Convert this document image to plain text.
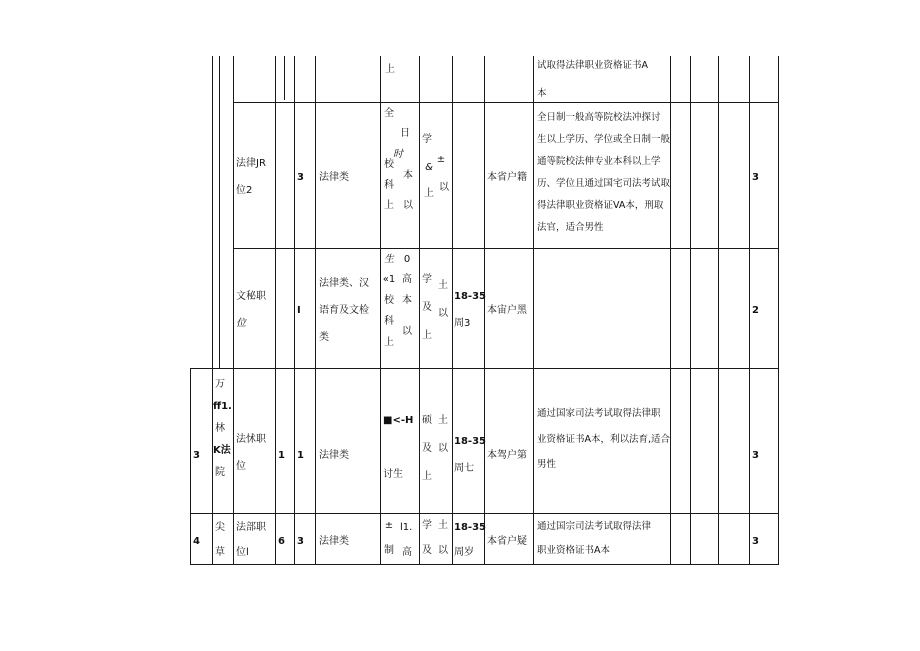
上	试取得法律职业资格证书A
本
法律JR
位2
3 法律类
全
日
时
校
科
上
本
以
学
&
上
±
以
本省户籍
全日制一般高等院校法冲探讨
生以上学历、学位或全日制一般
通等院校法伸专业本科以上学
历、学位且通过国宅司法考试取
得法律职业资格证VA本，刑取
法官，适合男性
3
文秘职
位
I
法律类、汉
语育及文检
类
生
«1
校
科
上
0
高
本
以
学
及
上
土
以
18-35
周3
本宙户黑	2
3
万
ff1.
林
K法
院
法怵职
位
1 1 法律类
■<-H
讨生
硕
及
上
土
以
18-35
周七
本驾户第
通过国家司法考试取得法律职
业资格证书A本，利以法育,适合
男性
3
4
尖
草
法部职
位l
6 3 法律类
±
制
l1.
高
学
及
土
以
18-35
周岁
本省户疑
通过国宗司法考试取得法律
职业资格证书A本
3
